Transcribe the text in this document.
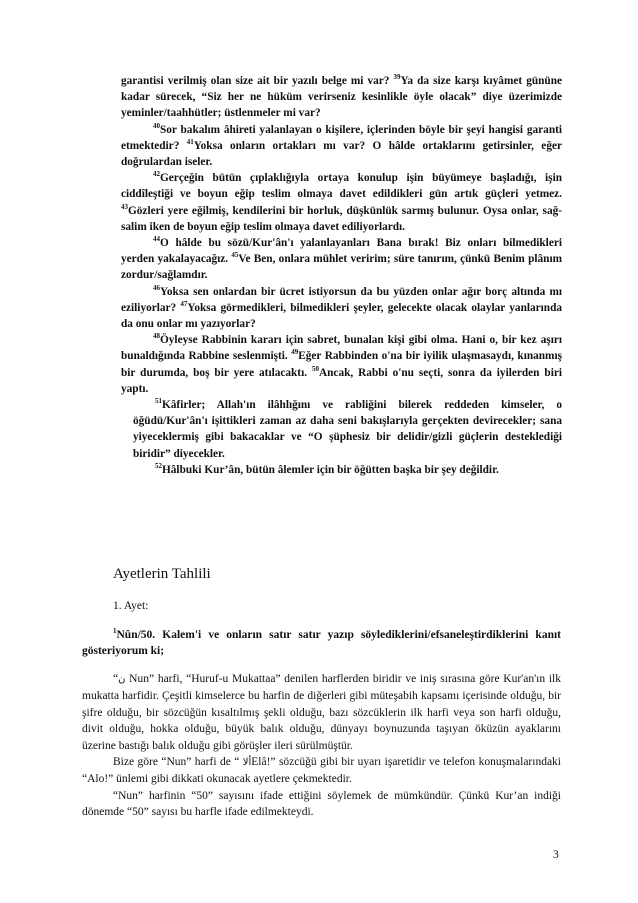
garantisi verilmiş olan size ait bir yazılı belge mi var? $^{39}$Ya da size karşı kıyâmet gününe kadar sürecek, “Siz her ne hüküm verirseniz kesinlikle öyle olacak” diye üzerimizde yeminler/taahhütler; üstlenmeler mi var?

$^{40}$Sor bakalım âhireti yalanlayan o kişilere, içlerinden böyle bir şeyi hangisi garanti etmektedir? $^{41}$Yoksa onların ortakları mı var? O hâlde ortaklarını getirsinler, eğer doğrulardan iseler.

$^{42}$Gerçeğin bütün çıplaklığıyla ortaya konulup işin büyümeye başladığı, işin ciddîleştiği ve boyun eğip teslim olmaya davet edildikleri gün artık güçleri yetmez. $^{43}$Gözleri yere eğilmiş, kendilerini bir horluk, düşkünlük sarmış bulunur. Oysa onlar, sağ-salim iken de boyun eğip teslim olmaya davet ediliyorlardı.

$^{44}$O hâlde bu sözü/Kur'ân'ı yalanlayanları Bana bırak! Biz onları bilmedikleri yerden yakalayacağız. $^{45}$Ve Ben, onlara mühlet veririm; süre tanırım, çünkü Benim plânım zordur/sağlamdır.

$^{46}$Yoksa sen onlardan bir ücret istiyorsun da bu yüzden onlar ağır borç altında mı eziliyorlar? $^{47}$Yoksa görmedikleri, bilmedikleri şeyler, gelecekte olacak olaylar yanlarında da onu onlar mı yazıyorlar?

$^{48}$Öyleyse Rabbinin kararı için sabret, bunalan kişi gibi olma. Hani o, bir kez aşırı bunaldığında Rabbine seslenmişti. $^{49}$Eğer Rabbinden o'na bir iyilik ulaşmasaydı, kınanmış bir durumda, boş bir yere atılacaktı. $^{50}$Ancak, Rabbi o'nu seçti, sonra da iyilerden biri yaptı.

$^{51}$Kâfirler; Allah'ın ilâhlığını ve rabliğini bilerek reddeden kimseler, o öğüdü/Kur'ân'ı işittikleri zaman az daha seni bakışlarıyla gerçekten devirecekler; sana yiyeceklermiş gibi bakacaklar ve “O şüphesiz bir delidir/gizli güçlerin desteklediği biridir” diyecekler.

$^{52}$Hâlbuki Kur’ân, bütün âlemler için bir öğütten başka bir şey değildir.

Ayetlerin Tahlili
1. Ayet:

$^1$Nûn/50. Kalem'i ve onların satır satır yazıp söylediklerini/efsaneleştirdiklerini kanıt gösteriyorum ki;

“ن Nun” harfi, “Huruf-u Mukattaa” denilen harflerden biridir ve iniş sırasına göre Kur'an'ın ilk mukatta harfidir. Çeşitli kimselerce bu harfin de diğerleri gibi müteşabih kapsamı içerisinde olduğu, bir şifre olduğu, bir sözcüğün kısaltılmış şekli olduğu, bazı sözcüklerin ilk harfi veya son harfi olduğu, divit olduğu, hokka olduğu, büyük balık olduğu, dünyayı boynuzunda taşıyan öküzün ayaklarını üzerine bastığı balık olduğu gibi görüşler ileri sürülmüştür.

Bize göre “Nun” harfi de “ ألاElâ!” sözcüğü gibi bir uyarı işaretidir ve telefon konuşmalarındaki “Alo!” ünlemi gibi dikkati okunacak ayetlere çekmektedir.

“Nun” harfinin “50” sayısını ifade ettiğini söylemek de mümkündür. Çünkü Kur’an indiği dönemde “50” sayısı bu harfle ifade edilmekteydi.

3
